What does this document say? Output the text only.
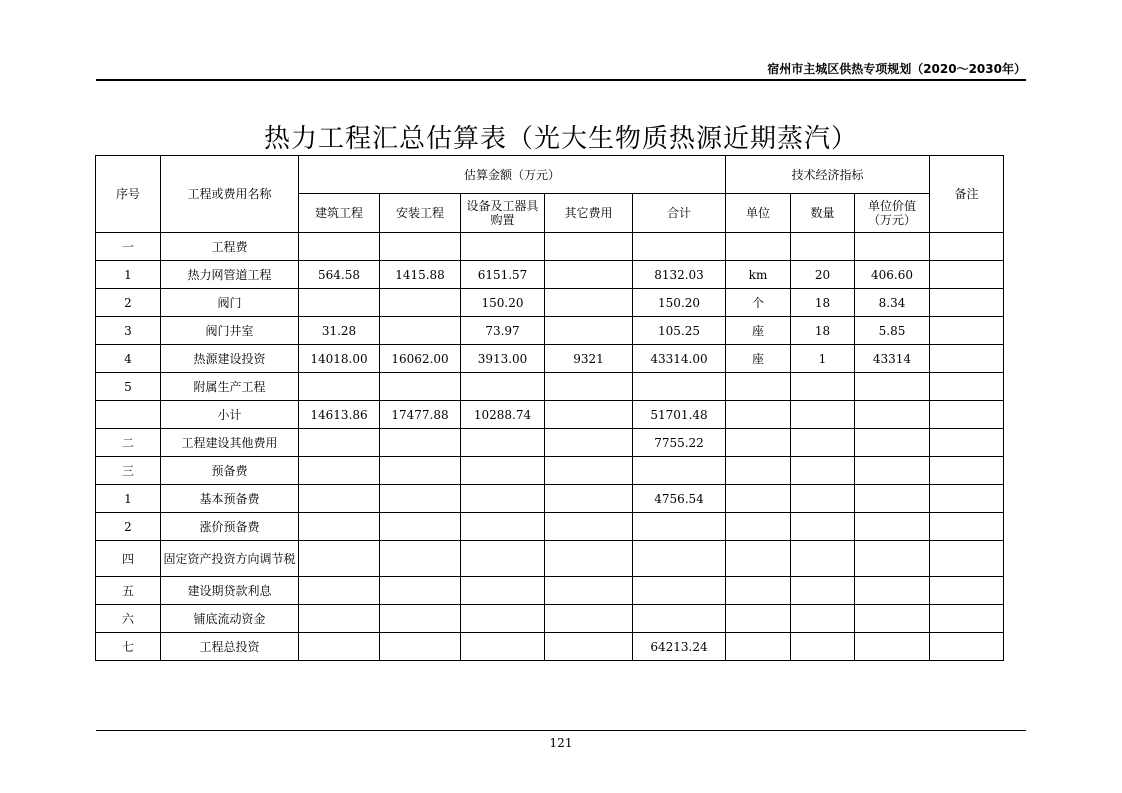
宿州市主城区供热专项规划（2020～2030年）
热力工程汇总估算表（光大生物质热源近期蒸汽）
序号	工程或费用名称	估算金额（万元）					技术经济指标			备注
		建筑工程	安装工程	设备及工器具购置	其它费用	合计	单位	数量	单位价值（万元）	
一	工程费									
1	热力网管道工程	564.58	1415.88	6151.57		8132.03	km	20	406.60	
2	阀门			150.20		150.20	个	18	8.34	
3	阀门井室	31.28		73.97		105.25	座	18	5.85	
4	热源建设投资	14018.00	16062.00	3913.00	9321	43314.00	座	1	43314	
5	附属生产工程									
	小计	14613.86	17477.88	10288.74		51701.48				
二	工程建设其他费用					7755.22				
三	预备费									
1	基本预备费					4756.54				
2	涨价预备费									
四	固定资产投资方向调节税									
五	建设期贷款利息									
六	铺底流动资金									
七	工程总投资					64213.24				
121
